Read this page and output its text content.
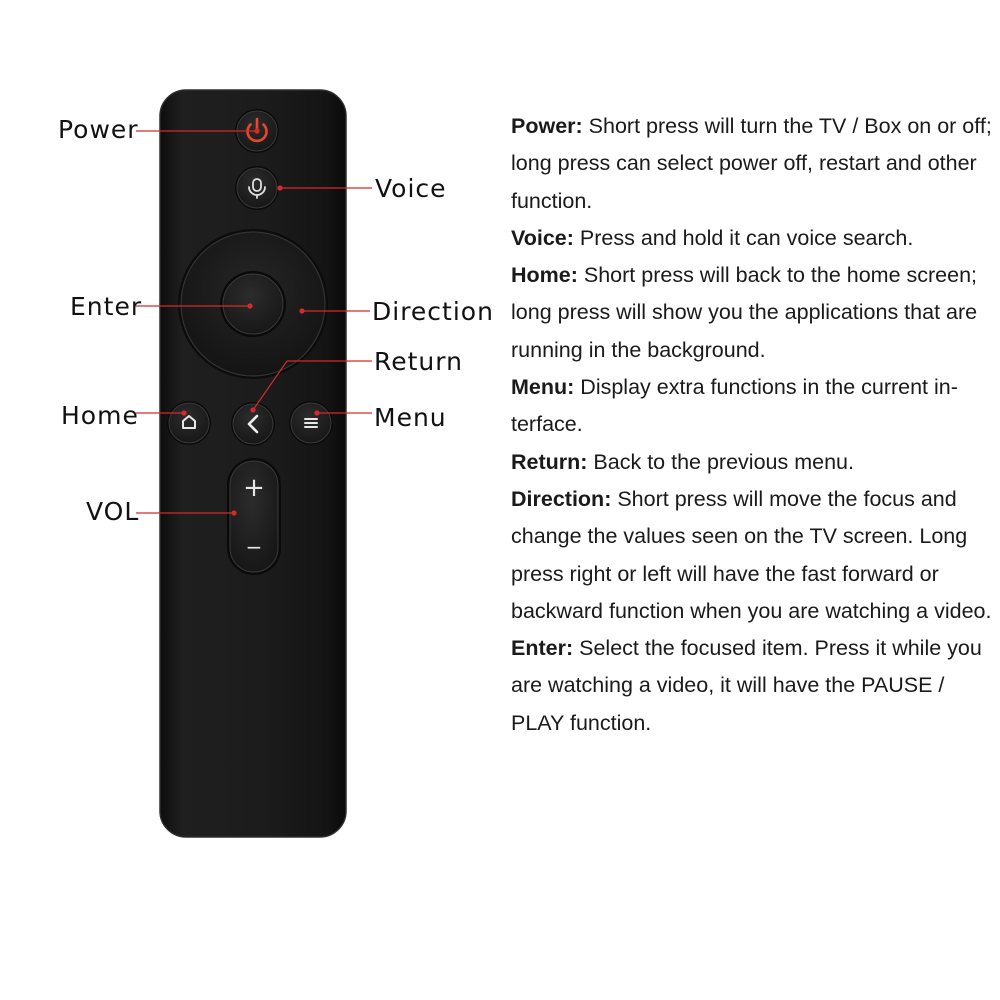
+
−

Power

Voice

Enter	Direction

Return

Home	Menu

VOL

Power: Short press will turn the TV / Box on or off; long press can select power off, restart and other function.

Voice: Press and hold it can voice search.

Home: Short press will back to the home screen; long press will show you the applications that are running in the background.

Menu: Display extra functions in the current in-terface.

Return: Back to the previous menu.

Direction: Short press will move the focus and change the values seen on the TV screen. Long press right or left will have the fast forward or backward function when you are watching a video.

Enter: Select the focused item. Press it while you are watching a video, it will have the PAUSE / PLAY function.
